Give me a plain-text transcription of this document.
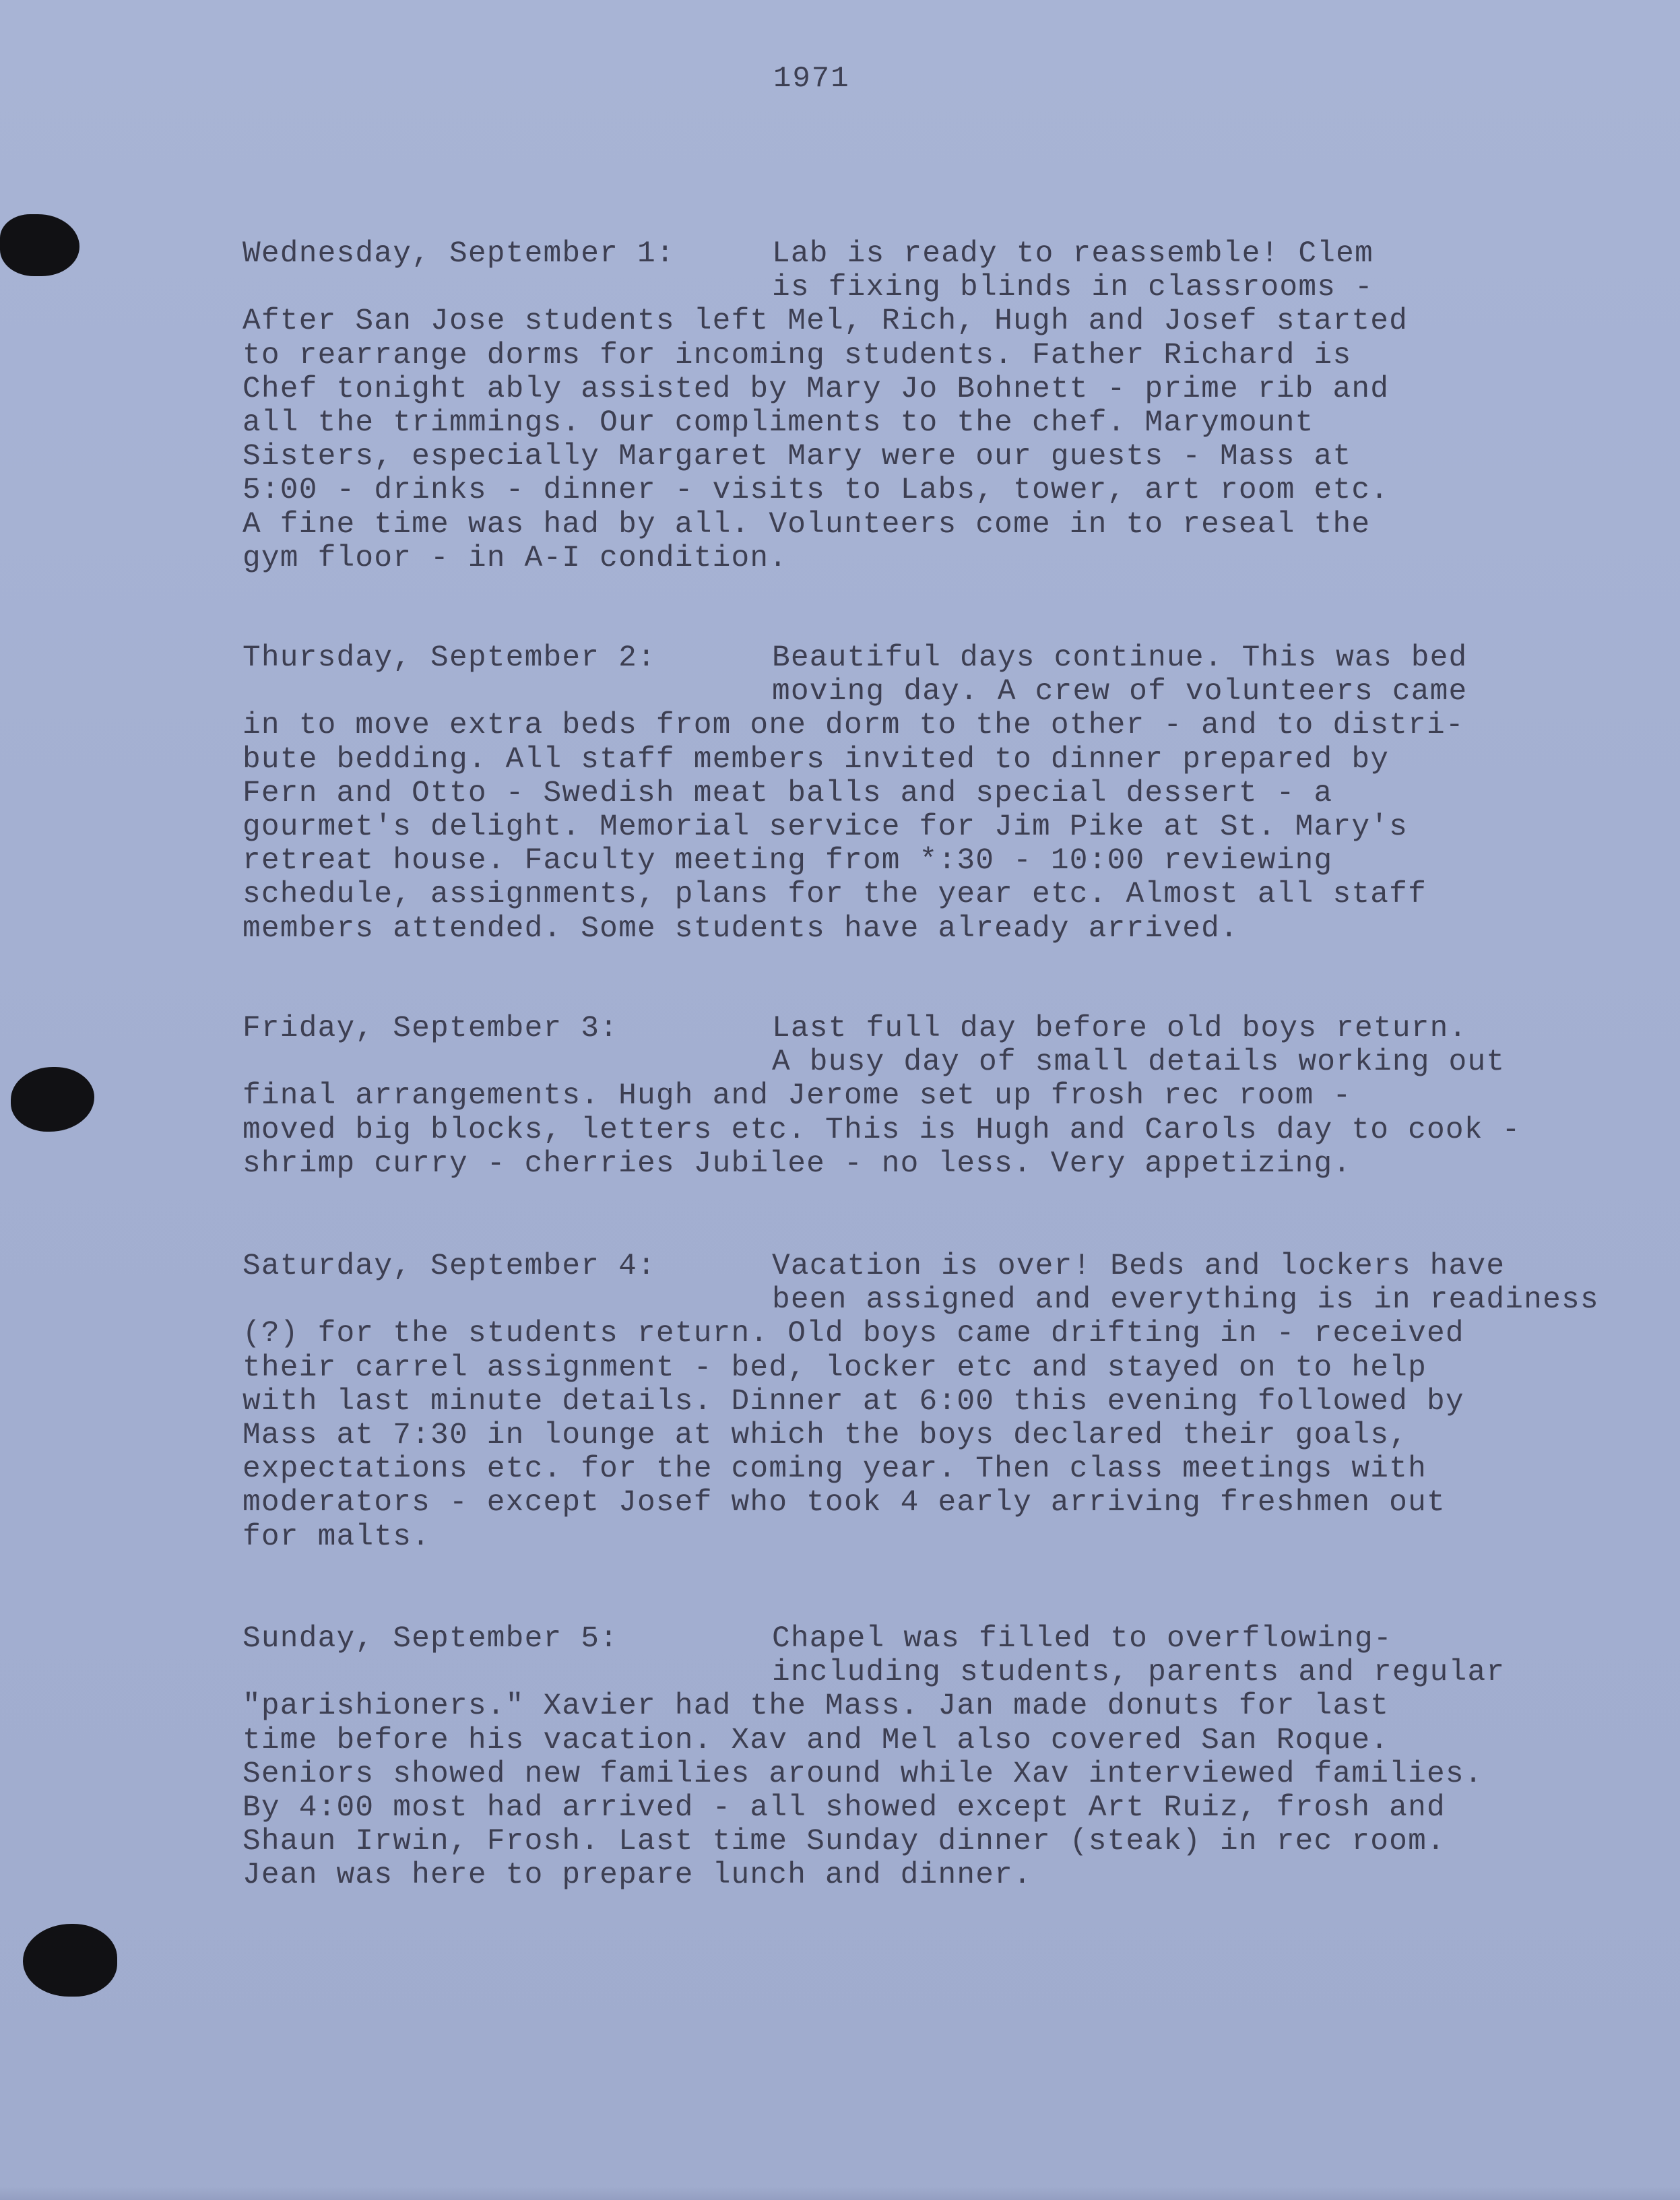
1971
Wednesday, September 1:	Lab is ready to reassemble! Clem
is fixing blinds in classrooms -
After San Jose students left Mel, Rich, Hugh and Josef started
to rearrange dorms for incoming students. Father Richard is
Chef tonight ably assisted by Mary Jo Bohnett - prime rib and
all the trimmings. Our compliments to the chef. Marymount
Sisters, especially Margaret Mary were our guests - Mass at
5:00 - drinks - dinner - visits to Labs, tower, art room etc.
A fine time was had by all. Volunteers come in to reseal the
gym floor - in A-I condition.
Thursday, September 2:	Beautiful days continue. This was bed
moving day. A crew of volunteers came
in to move extra beds from one dorm to the other - and to distri-
bute bedding. All staff members invited to dinner prepared by
Fern and Otto - Swedish meat balls and special dessert - a
gourmet's delight. Memorial service for Jim Pike at St. Mary's
retreat house. Faculty meeting from *:30 - 10:00 reviewing
schedule, assignments, plans for the year etc. Almost all staff
members attended. Some students have already arrived.
Friday, September 3:	Last full day before old boys return.
A busy day of small details working out
final arrangements. Hugh and Jerome set up frosh rec room -
moved big blocks, letters etc. This is Hugh and Carols day to cook -
shrimp curry - cherries Jubilee - no less. Very appetizing.
Saturday, September 4:	Vacation is over! Beds and lockers have
been assigned and everything is in readiness
(?) for the students return. Old boys came drifting in - received
their carrel assignment - bed, locker etc and stayed on to help
with last minute details. Dinner at 6:00 this evening followed by
Mass at 7:30 in lounge at which the boys declared their goals,
expectations etc. for the coming year. Then class meetings with
moderators - except Josef who took 4 early arriving freshmen out
for malts.
Sunday, September 5:	Chapel was filled to overflowing-
including students, parents and regular
"parishioners." Xavier had the Mass. Jan made donuts for last
time before his vacation. Xav and Mel also covered San Roque.
Seniors showed new families around while Xav interviewed families.
By 4:00 most had arrived - all showed except Art Ruiz, frosh and
Shaun Irwin, Frosh. Last time Sunday dinner (steak) in rec room.
Jean was here to prepare lunch and dinner.
